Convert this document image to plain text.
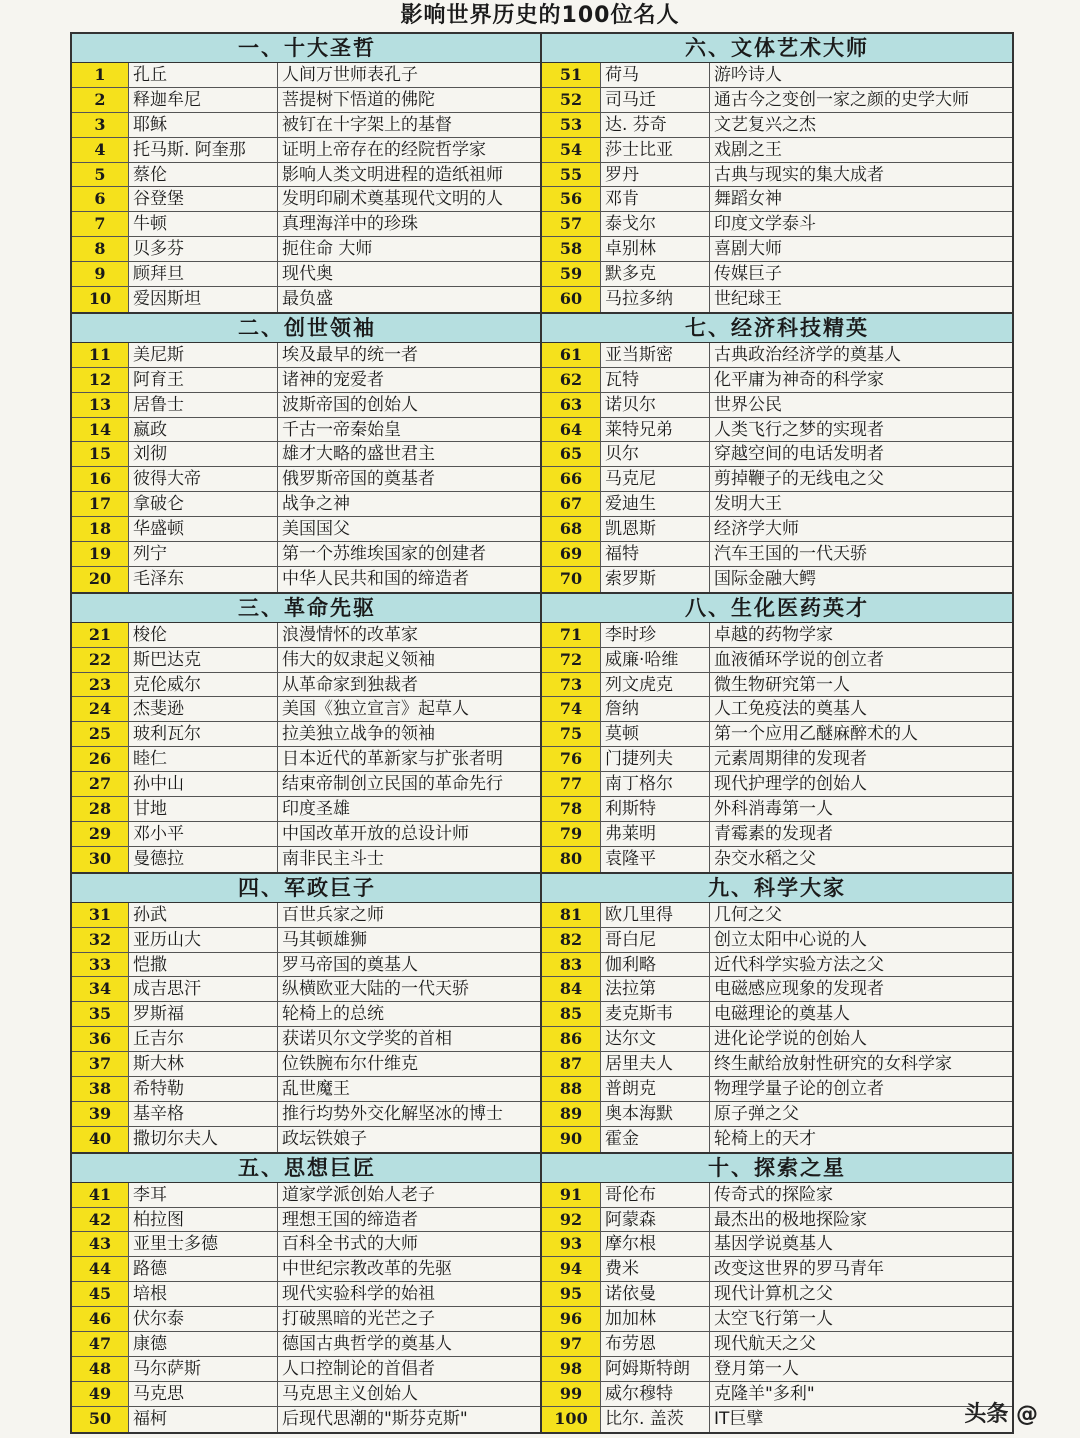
影响世界历史的100位名人
一、十大圣哲
1	孔丘	人间万世师表孔子
2	释迦牟尼	菩提树下悟道的佛陀
3	耶稣	被钉在十字架上的基督
4	托马斯. 阿奎那	证明上帝存在的经院哲学家
5	蔡伦	影响人类文明进程的造纸祖师
6	谷登堡	发明印刷术奠基现代文明的人
7	牛顿	真理海洋中的珍珠
8	贝多芬	扼住命 大师
9	顾拜旦	现代奥
10	爱因斯坦	最负盛
二、创世领袖
11	美尼斯	埃及最早的统一者
12	阿育王	诸神的宠爱者
13	居鲁士	波斯帝国的创始人
14	嬴政	千古一帝秦始皇
15	刘彻	雄才大略的盛世君主
16	彼得大帝	俄罗斯帝国的奠基者
17	拿破仑	战争之神
18	华盛顿	美国国父
19	列宁	第一个苏维埃国家的创建者
20	毛泽东	中华人民共和国的缔造者
三、革命先驱
21	梭伦	浪漫情怀的改革家
22	斯巴达克	伟大的奴隶起义领袖
23	克伦威尔	从革命家到独裁者
24	杰斐逊	美国《独立宣言》起草人
25	玻利瓦尔	拉美独立战争的领袖
26	睦仁	日本近代的革新家与扩张者明
27	孙中山	结束帝制创立民国的革命先行
28	甘地	印度圣雄
29	邓小平	中国改革开放的总设计师
30	曼德拉	南非民主斗士
四、军政巨子
31	孙武	百世兵家之师
32	亚历山大	马其顿雄狮
33	恺撒	罗马帝国的奠基人
34	成吉思汗	纵横欧亚大陆的一代天骄
35	罗斯福	轮椅上的总统
36	丘吉尔	获诺贝尔文学奖的首相
37	斯大林	位铁腕布尔什维克
38	希特勒	乱世魔王
39	基辛格	推行均势外交化解坚冰的博士
40	撒切尔夫人	政坛铁娘子
五、思想巨匠
41	李耳	道家学派创始人老子
42	柏拉图	理想王国的缔造者
43	亚里士多德	百科全书式的大师
44	路德	中世纪宗教改革的先驱
45	培根	现代实验科学的始祖
46	伏尔泰	打破黑暗的光芒之子
47	康德	德国古典哲学的奠基人
48	马尔萨斯	人口控制论的首倡者
49	马克思	马克思主义创始人
50	福柯	后现代思潮的"斯芬克斯"
六、文体艺术大师
51	荷马	游吟诗人
52	司马迁	通古今之变创一家之颜的史学大师
53	达. 芬奇	文艺复兴之杰
54	莎士比亚	戏剧之王
55	罗丹	古典与现实的集大成者
56	邓肯	舞蹈女神
57	泰戈尔	印度文学泰斗
58	卓别林	喜剧大师
59	默多克	传媒巨子
60	马拉多纳	世纪球王
七、经济科技精英
61	亚当斯密	古典政治经济学的奠基人
62	瓦特	化平庸为神奇的科学家
63	诺贝尔	世界公民
64	莱特兄弟	人类飞行之梦的实现者
65	贝尔	穿越空间的电话发明者
66	马克尼	剪掉鞭子的无线电之父
67	爱迪生	发明大王
68	凯恩斯	经济学大师
69	福特	汽车王国的一代天骄
70	索罗斯	国际金融大鳄
八、生化医药英才
71	李时珍	卓越的药物学家
72	威廉·哈维	血液循环学说的创立者
73	列文虎克	微生物研究第一人
74	詹纳	人工免疫法的奠基人
75	莫顿	第一个应用乙醚麻醉术的人
76	门捷列夫	元素周期律的发现者
77	南丁格尔	现代护理学的创始人
78	利斯特	外科消毒第一人
79	弗莱明	青霉素的发现者
80	袁隆平	杂交水稻之父
九、科学大家
81	欧几里得	几何之父
82	哥白尼	创立太阳中心说的人
83	伽利略	近代科学实验方法之父
84	法拉第	电磁感应现象的发现者
85	麦克斯韦	电磁理论的奠基人
86	达尔文	进化论学说的创始人
87	居里夫人	终生献给放射性研究的女科学家
88	普朗克	物理学量子论的创立者
89	奥本海默	原子弹之父
90	霍金	轮椅上的天才
十、探索之星
91	哥伦布	传奇式的探险家
92	阿蒙森	最杰出的极地探险家
93	摩尔根	基因学说奠基人
94	费米	改变这世界的罗马青年
95	诺依曼	现代计算机之父
96	加加林	太空飞行第一人
97	布劳恩	现代航天之父
98	阿姆斯特朗	登月第一人
99	威尔穆特	克隆羊"多利"
100	比尔. 盖茨	IT巨擘	头条 @
